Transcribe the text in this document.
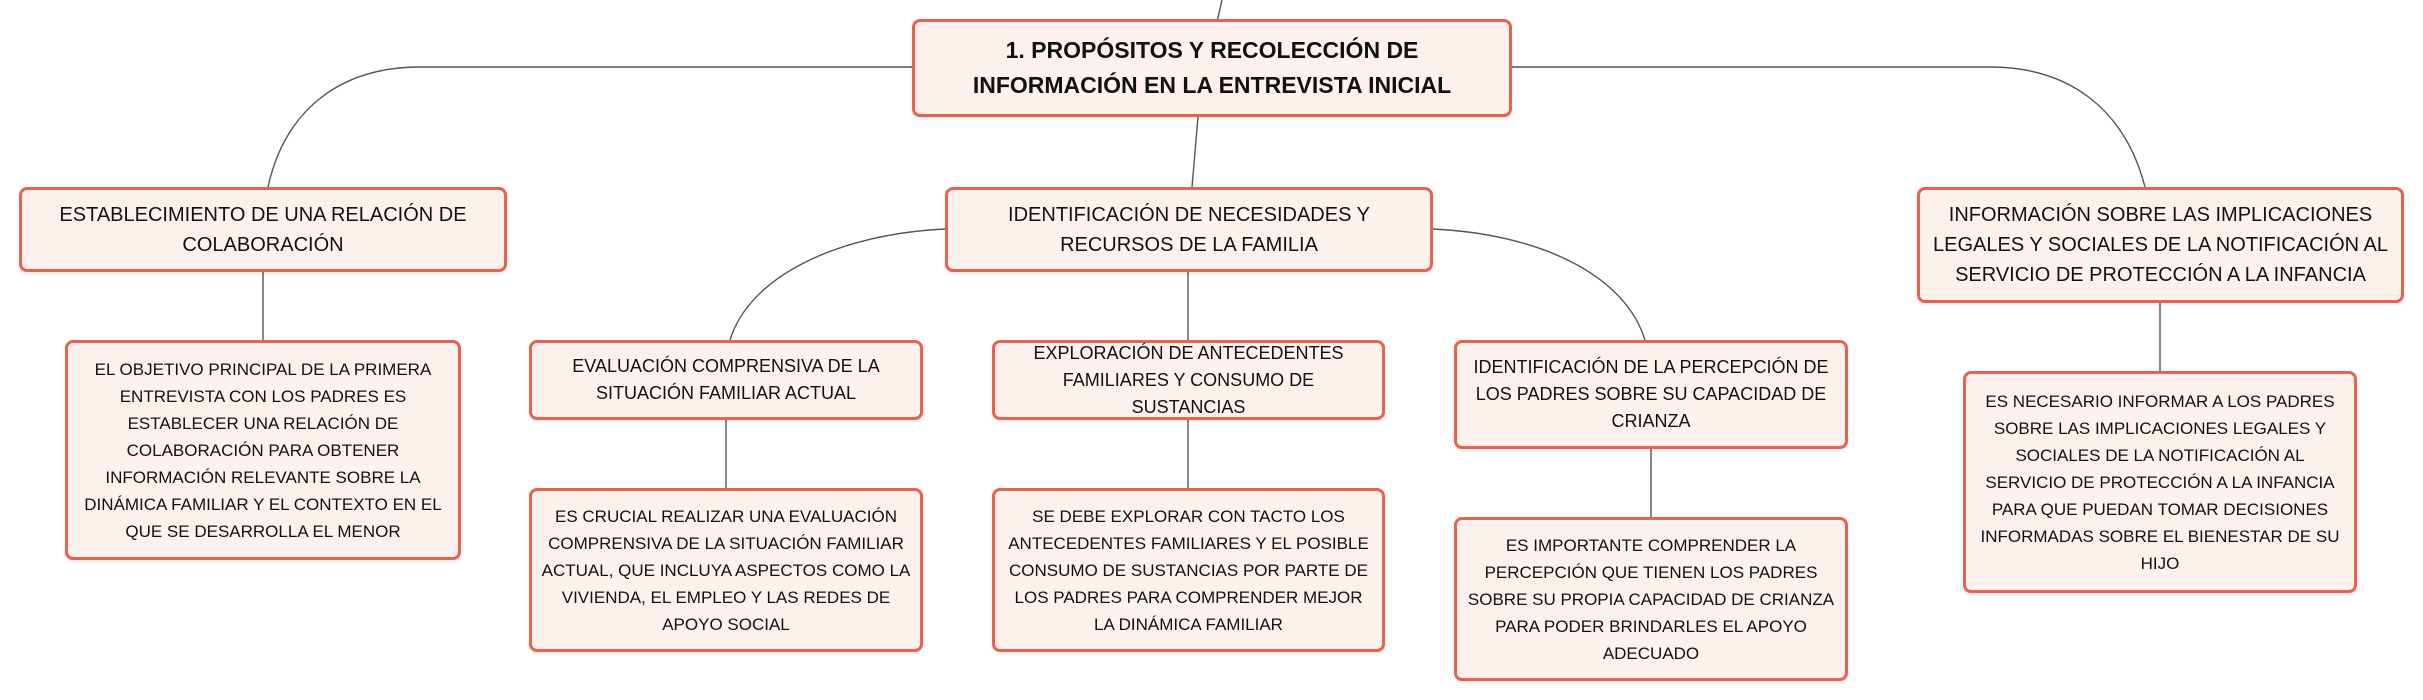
1. PROPÓSITOS Y RECOLECCIÓN DE INFORMACIÓN EN LA ENTREVISTA INICIAL
ESTABLECIMIENTO DE UNA RELACIÓN DE COLABORACIÓN
EL OBJETIVO PRINCIPAL DE LA PRIMERA ENTREVISTA CON LOS PADRES ES ESTABLECER UNA RELACIÓN DE COLABORACIÓN PARA OBTENER INFORMACIÓN RELEVANTE SOBRE LA DINÁMICA FAMILIAR Y EL CONTEXTO EN EL QUE SE DESARROLLA EL MENOR
IDENTIFICACIÓN DE NECESIDADES Y RECURSOS DE LA FAMILIA
EVALUACIÓN COMPRENSIVA DE LA SITUACIÓN FAMILIAR ACTUAL
ES CRUCIAL REALIZAR UNA EVALUACIÓN COMPRENSIVA DE LA SITUACIÓN FAMILIAR ACTUAL, QUE INCLUYA ASPECTOS COMO LA VIVIENDA, EL EMPLEO Y LAS REDES DE APOYO SOCIAL
EXPLORACIÓN DE ANTECEDENTES FAMILIARES Y CONSUMO DE SUSTANCIAS
SE DEBE EXPLORAR CON TACTO LOS ANTECEDENTES FAMILIARES Y EL POSIBLE CONSUMO DE SUSTANCIAS POR PARTE DE LOS PADRES PARA COMPRENDER MEJOR LA DINÁMICA FAMILIAR
IDENTIFICACIÓN DE LA PERCEPCIÓN DE LOS PADRES SOBRE SU CAPACIDAD DE CRIANZA
ES IMPORTANTE COMPRENDER LA PERCEPCIÓN QUE TIENEN LOS PADRES SOBRE SU PROPIA CAPACIDAD DE CRIANZA PARA PODER BRINDARLES EL APOYO ADECUADO
INFORMACIÓN SOBRE LAS IMPLICACIONES LEGALES Y SOCIALES DE LA NOTIFICACIÓN AL SERVICIO DE PROTECCIÓN A LA INFANCIA
ES NECESARIO INFORMAR A LOS PADRES SOBRE LAS IMPLICACIONES LEGALES Y SOCIALES DE LA NOTIFICACIÓN AL SERVICIO DE PROTECCIÓN A LA INFANCIA PARA QUE PUEDAN TOMAR DECISIONES INFORMADAS SOBRE EL BIENESTAR DE SU HIJO
